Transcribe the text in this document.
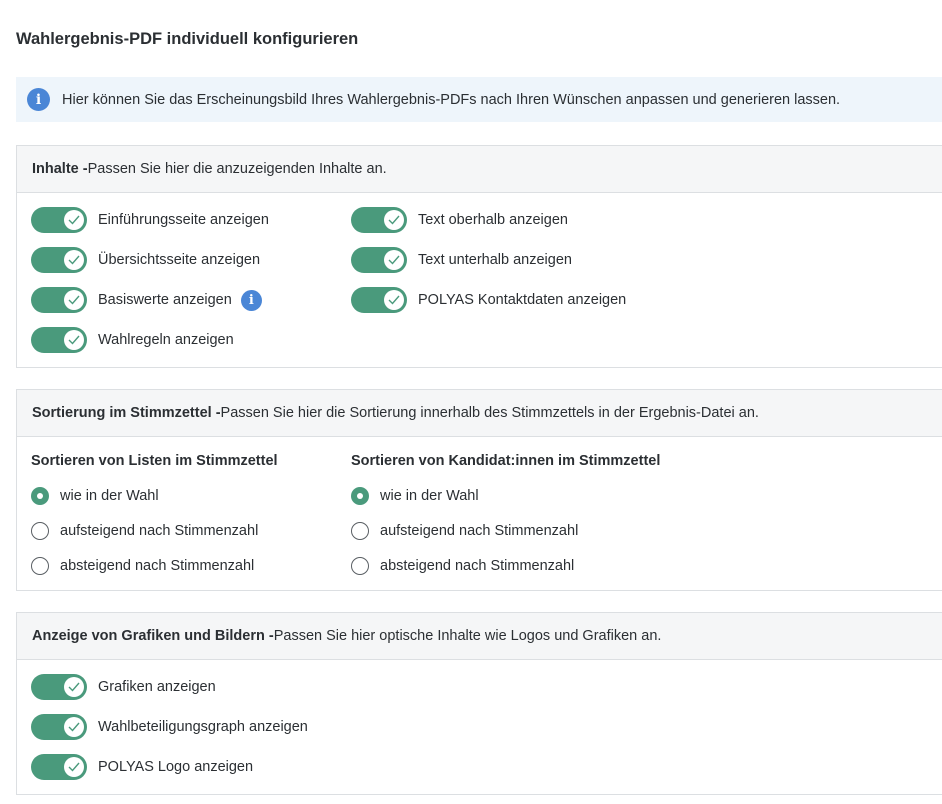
Wahlergebnis-PDF individuell konfigurieren
i	Hier können Sie das Erscheinungsbild Ihres Wahlergebnis-PDFs nach Ihren Wünschen anpassen und generieren lassen.
Inhalte - Passen Sie hier die anzuzeigenden Inhalte an.
Einführungsseite anzeigen
Übersichtsseite anzeigen
Basiswerte anzeigen	i
Wahlregeln anzeigen
Text oberhalb anzeigen
Text unterhalb anzeigen
POLYAS Kontaktdaten anzeigen
Sortierung im Stimmzettel - Passen Sie hier die Sortierung innerhalb des Stimmzettels in der Ergebnis-Datei an.
Sortieren von Listen im Stimmzettel
wie in der Wahl
aufsteigend nach Stimmenzahl
absteigend nach Stimmenzahl
Sortieren von Kandidat:innen im Stimmzettel
wie in der Wahl
aufsteigend nach Stimmenzahl
absteigend nach Stimmenzahl
Anzeige von Grafiken und Bildern - Passen Sie hier optische Inhalte wie Logos und Grafiken an.
Grafiken anzeigen
Wahlbeteiligungsgraph anzeigen
POLYAS Logo anzeigen
